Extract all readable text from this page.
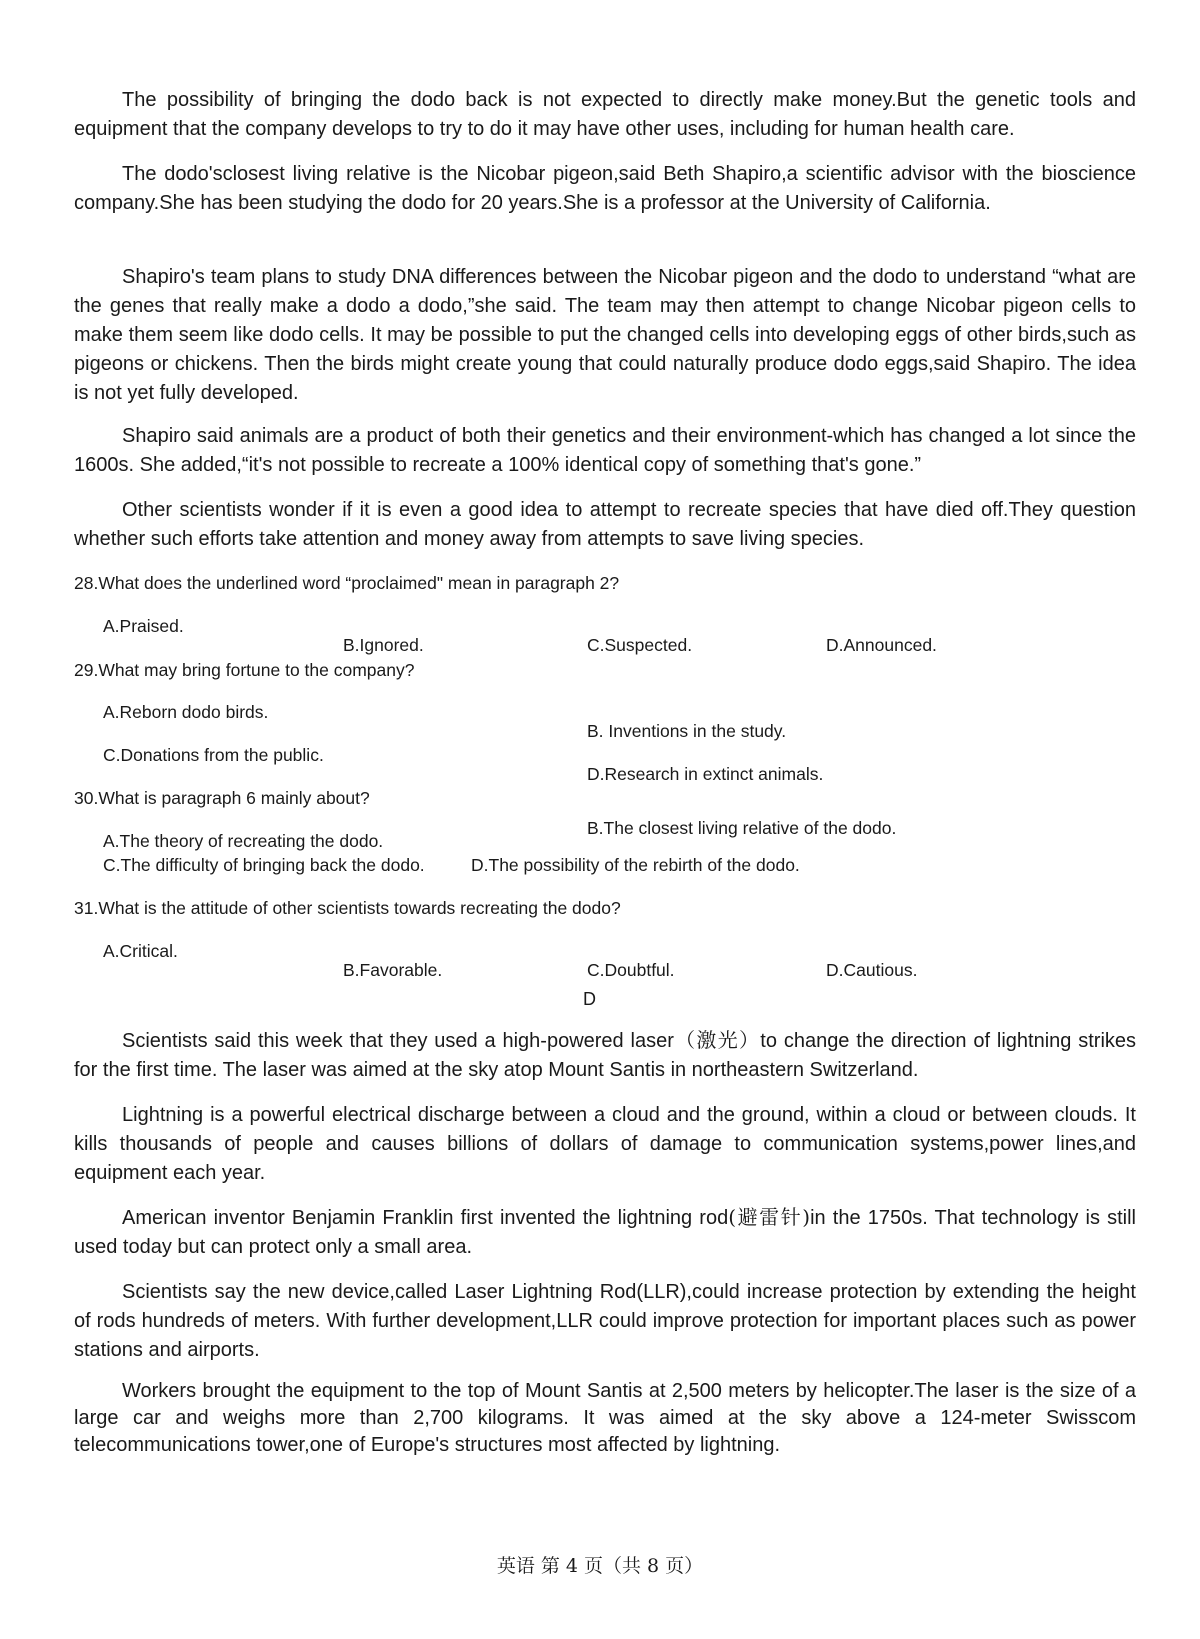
The possibility of bringing the dodo back is not expected to directly make money.But the genetic tools and equipment that the company develops to try to do it may have other uses, including for human health care.

The dodo'sclosest living relative is the Nicobar pigeon,said Beth Shapiro,a scientific advisor with the bioscience company.She has been studying the dodo for 20 years.She is a professor at the University of California.

Shapiro's team plans to study DNA differences between the Nicobar pigeon and the dodo to understand “what are the genes that really make a dodo a dodo,”she said. The team may then attempt to change Nicobar pigeon cells to make them seem like dodo cells. It may be possible to put the changed cells into developing eggs of other birds,such as pigeons or chickens. Then the birds might create young that could naturally produce dodo eggs,said Shapiro. The idea is not yet fully developed.

Shapiro said animals are a product of both their genetics and their environment-which has changed a lot since the 1600s. She added,“it's not possible to recreate a 100% identical copy of something that's gone.”

Other scientists wonder if it is even a good idea to attempt to recreate species that have died off.They question whether such efforts take attention and money away from attempts to save living species.

28.What does the underlined word “proclaimed" mean in paragraph 2?

A.Praised.

B.Ignored.	C.Suspected.	D.Announced.

29.What may bring fortune to the company?

A.Reborn dodo birds.

B. Inventions in the study.

C.Donations from the public.

D.Research in extinct animals.

30.What is paragraph 6 mainly about?

B.The closest living relative of the dodo.

A.The theory of recreating the dodo.

C.The difficulty of bringing back the dodo.	D.The possibility of the rebirth of the dodo.

31.What is the attitude of other scientists towards recreating the dodo?

A.Critical.

B.Favorable.	C.Doubtful.	D.Cautious.

D

Scientists said this week that they used a high-powered laser（激光）to change the direction of lightning strikes for the first time. The laser was aimed at the sky atop Mount Santis in northeastern Switzerland.

Lightning is a powerful electrical discharge between a cloud and the ground, within a cloud or between clouds. It kills thousands of people and causes billions of dollars of damage to communication systems,power lines,and equipment each year.

American inventor Benjamin Franklin first invented the lightning rod(避雷针)in the 1750s. That technology is still used today but can protect only a small area.

Scientists say the new device,called Laser Lightning Rod(LLR),could increase protection by extending the height of rods hundreds of meters. With further development,LLR could improve protection for important places such as power stations and airports.

Workers brought the equipment to the top of Mount Santis at 2,500 meters by helicopter.The laser is the size of a large car and weighs more than 2,700 kilograms. It was aimed at the sky above a 124-meter Swisscom telecommunications tower,one of Europe's structures most affected by lightning.

英语 第 4 页（共 8 页）
